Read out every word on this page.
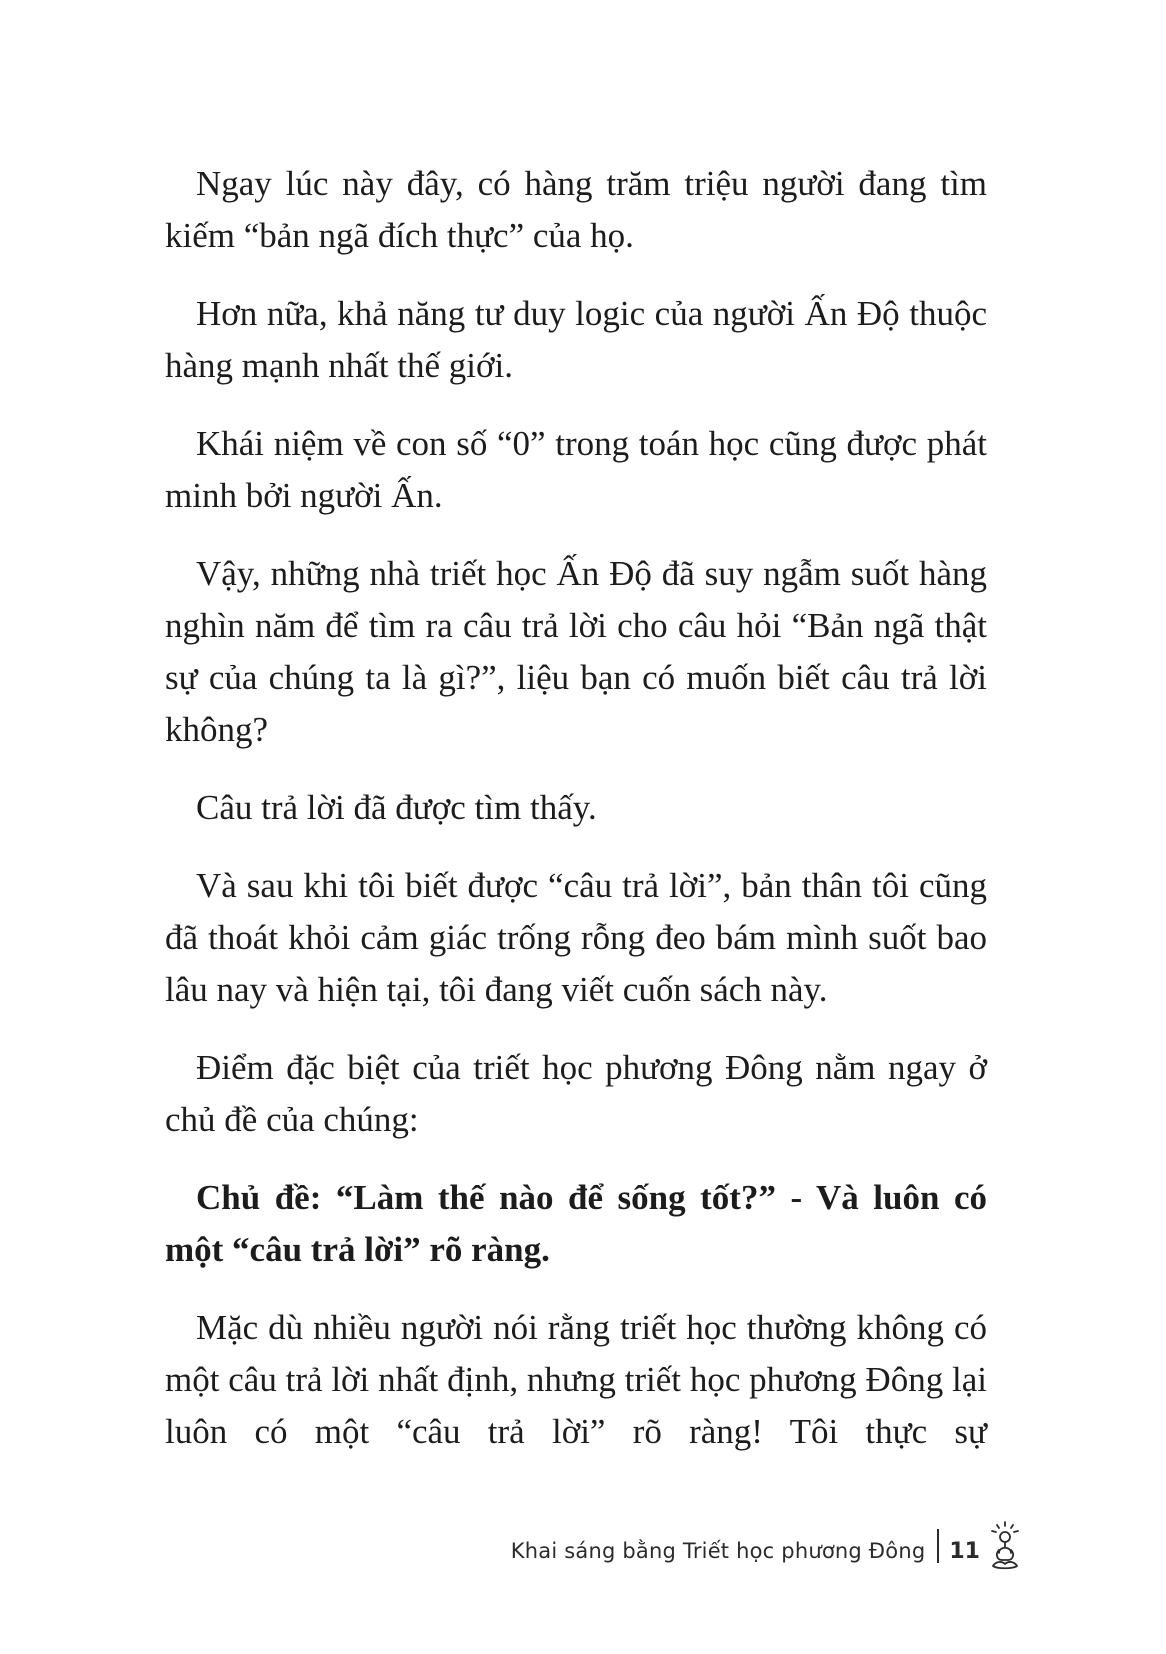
Ngay lúc này đây, có hàng trăm triệu người đang tìm kiếm “bản ngã đích thực” của họ.

Hơn nữa, khả năng tư duy logic của người Ấn Độ thuộc hàng mạnh nhất thế giới.

Khái niệm về con số “0” trong toán học cũng được phát minh bởi người Ấn.

Vậy, những nhà triết học Ấn Độ đã suy ngẫm suốt hàng nghìn năm để tìm ra câu trả lời cho câu hỏi “Bản ngã thật sự của chúng ta là gì?”, liệu bạn có muốn biết câu trả lời không?

Câu trả lời đã được tìm thấy.

Và sau khi tôi biết được “câu trả lời”, bản thân tôi cũng đã thoát khỏi cảm giác trống rỗng đeo bám mình suốt bao lâu nay và hiện tại, tôi đang viết cuốn sách này.

Điểm đặc biệt của triết học phương Đông nằm ngay ở chủ đề của chúng:

Chủ đề: “Làm thế nào để sống tốt?” - Và luôn có một “câu trả lời” rõ ràng.

Mặc dù nhiều người nói rằng triết học thường không có một câu trả lời nhất định, nhưng triết học phương Đông lại luôn có một “câu trả lời” rõ ràng! Tôi thực sự

Khai sáng bằng Triết học phương Đông 11
